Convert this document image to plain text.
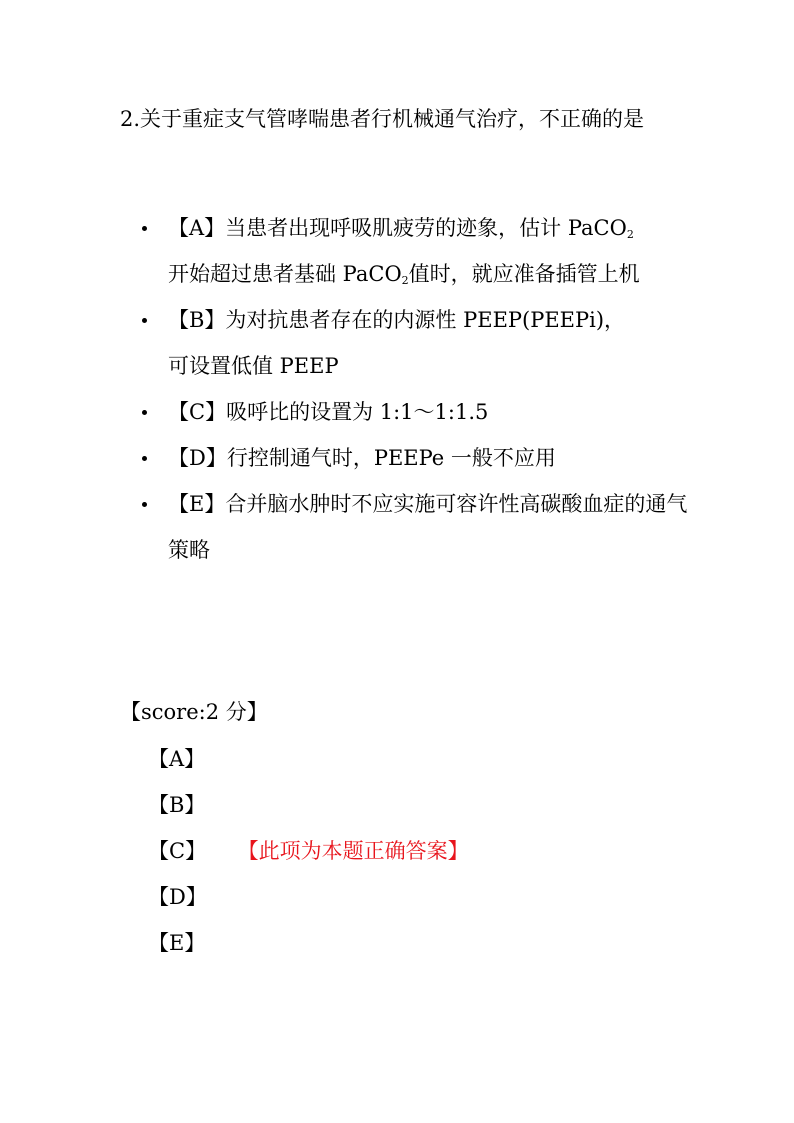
2.关于重症支气管哮喘患者行机械通气治疗，不正确的是

【A】当患者出现呼吸肌疲劳的迹象，估计 PaCO$_2$
开始超过患者基础 PaCO$_2$值时，就应准备插管上机
【B】为对抗患者存在的内源性 PEEP(PEEPi)，可设置低值 PEEP
【C】吸呼比的设置为 1:1～1:1.5
【D】行控制通气时，PEEPe 一般不应用
【E】合并脑水肿时不应实施可容许性高碳酸血症的通气策略

【score:2 分】

【A】
【B】
【C】 【此项为本题正确答案】
【D】
【E】
